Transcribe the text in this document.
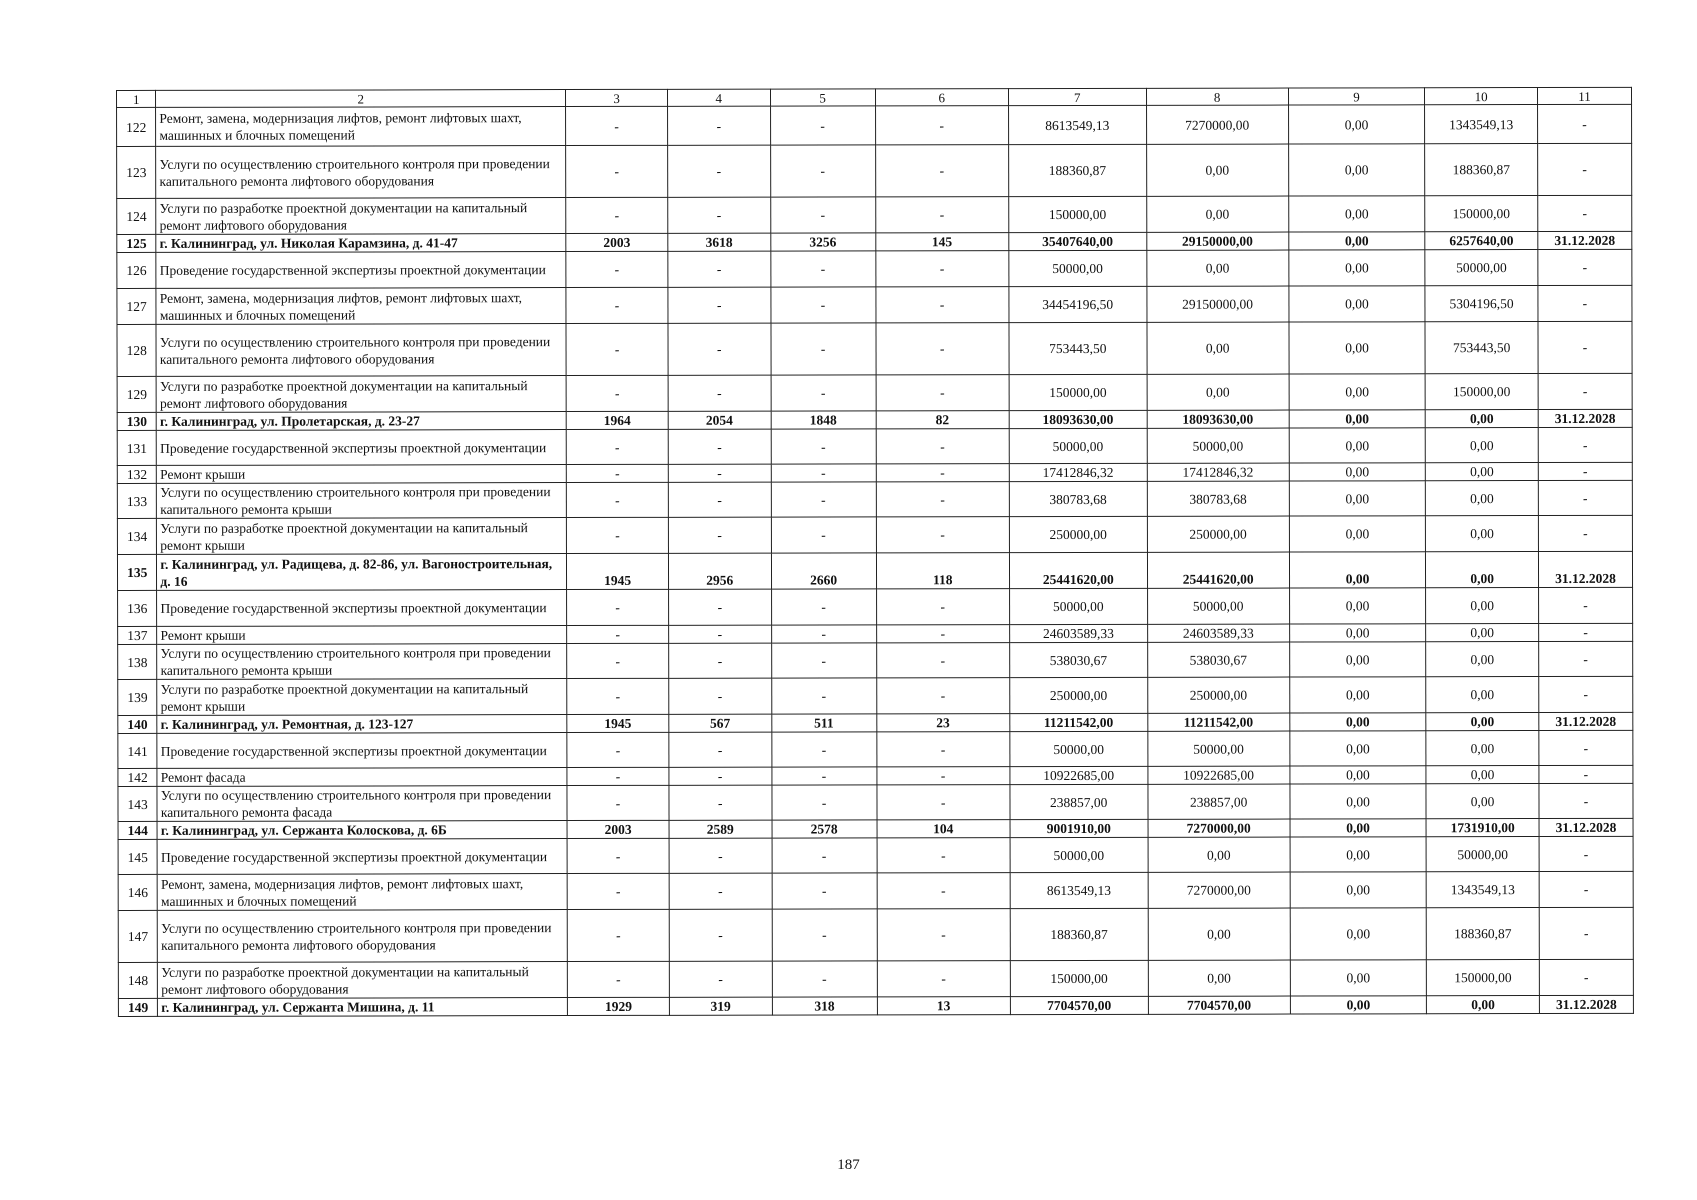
1	2	3	4	5	6	7	8	9	10	11
122	Ремонт, замена, модернизация лифтов, ремонт лифтовых шахт, машинных и блочных помещений	-	-	-	-	8613549,13	7270000,00	0,00	1343549,13	-
123	Услуги по осуществлению строительного контроля при проведении капитального ремонта лифтового оборудования	-	-	-	-	188360,87	0,00	0,00	188360,87	-
124	Услуги по разработке проектной документации на капитальный ремонт лифтового оборудования	-	-	-	-	150000,00	0,00	0,00	150000,00	-
125	г. Калининград, ул. Николая Карамзина, д. 41-47	2003	3618	3256	145	35407640,00	29150000,00	0,00	6257640,00	31.12.2028
126	Проведение государственной экспертизы проектной документации	-	-	-	-	50000,00	0,00	0,00	50000,00	-
127	Ремонт, замена, модернизация лифтов, ремонт лифтовых шахт, машинных и блочных помещений	-	-	-	-	34454196,50	29150000,00	0,00	5304196,50	-
128	Услуги по осуществлению строительного контроля при проведении капитального ремонта лифтового оборудования	-	-	-	-	753443,50	0,00	0,00	753443,50	-
129	Услуги по разработке проектной документации на капитальный ремонт лифтового оборудования	-	-	-	-	150000,00	0,00	0,00	150000,00	-
130	г. Калининград, ул. Пролетарская, д. 23-27	1964	2054	1848	82	18093630,00	18093630,00	0,00	0,00	31.12.2028
131	Проведение государственной экспертизы проектной документации	-	-	-	-	50000,00	50000,00	0,00	0,00	-
132	Ремонт крыши	-	-	-	-	17412846,32	17412846,32	0,00	0,00	-
133	Услуги по осуществлению строительного контроля при проведении капитального ремонта крыши	-	-	-	-	380783,68	380783,68	0,00	0,00	-
134	Услуги по разработке проектной документации на капитальный ремонт крыши	-	-	-	-	250000,00	250000,00	0,00	0,00	-
135	г. Калининград, ул. Радищева, д. 82-86, ул. Вагоностроительная, д. 16	1945	2956	2660	118	25441620,00	25441620,00	0,00	0,00	31.12.2028
136	Проведение государственной экспертизы проектной документации	-	-	-	-	50000,00	50000,00	0,00	0,00	-
137	Ремонт крыши	-	-	-	-	24603589,33	24603589,33	0,00	0,00	-
138	Услуги по осуществлению строительного контроля при проведении капитального ремонта крыши	-	-	-	-	538030,67	538030,67	0,00	0,00	-
139	Услуги по разработке проектной документации на капитальный ремонт крыши	-	-	-	-	250000,00	250000,00	0,00	0,00	-
140	г. Калининград, ул. Ремонтная, д. 123-127	1945	567	511	23	11211542,00	11211542,00	0,00	0,00	31.12.2028
141	Проведение государственной экспертизы проектной документации	-	-	-	-	50000,00	50000,00	0,00	0,00	-
142	Ремонт фасада	-	-	-	-	10922685,00	10922685,00	0,00	0,00	-
143	Услуги по осуществлению строительного контроля при проведении капитального ремонта фасада	-	-	-	-	238857,00	238857,00	0,00	0,00	-
144	г. Калининград, ул. Сержанта Колоскова, д. 6Б	2003	2589	2578	104	9001910,00	7270000,00	0,00	1731910,00	31.12.2028
145	Проведение государственной экспертизы проектной документации	-	-	-	-	50000,00	0,00	0,00	50000,00	-
146	Ремонт, замена, модернизация лифтов, ремонт лифтовых шахт, машинных и блочных помещений	-	-	-	-	8613549,13	7270000,00	0,00	1343549,13	-
147	Услуги по осуществлению строительного контроля при проведении капитального ремонта лифтового оборудования	-	-	-	-	188360,87	0,00	0,00	188360,87	-
148	Услуги по разработке проектной документации на капитальный ремонт лифтового оборудования	-	-	-	-	150000,00	0,00	0,00	150000,00	-
149	г. Калининград, ул. Сержанта Мишина, д. 11	1929	319	318	13	7704570,00	7704570,00	0,00	0,00	31.12.2028
187
